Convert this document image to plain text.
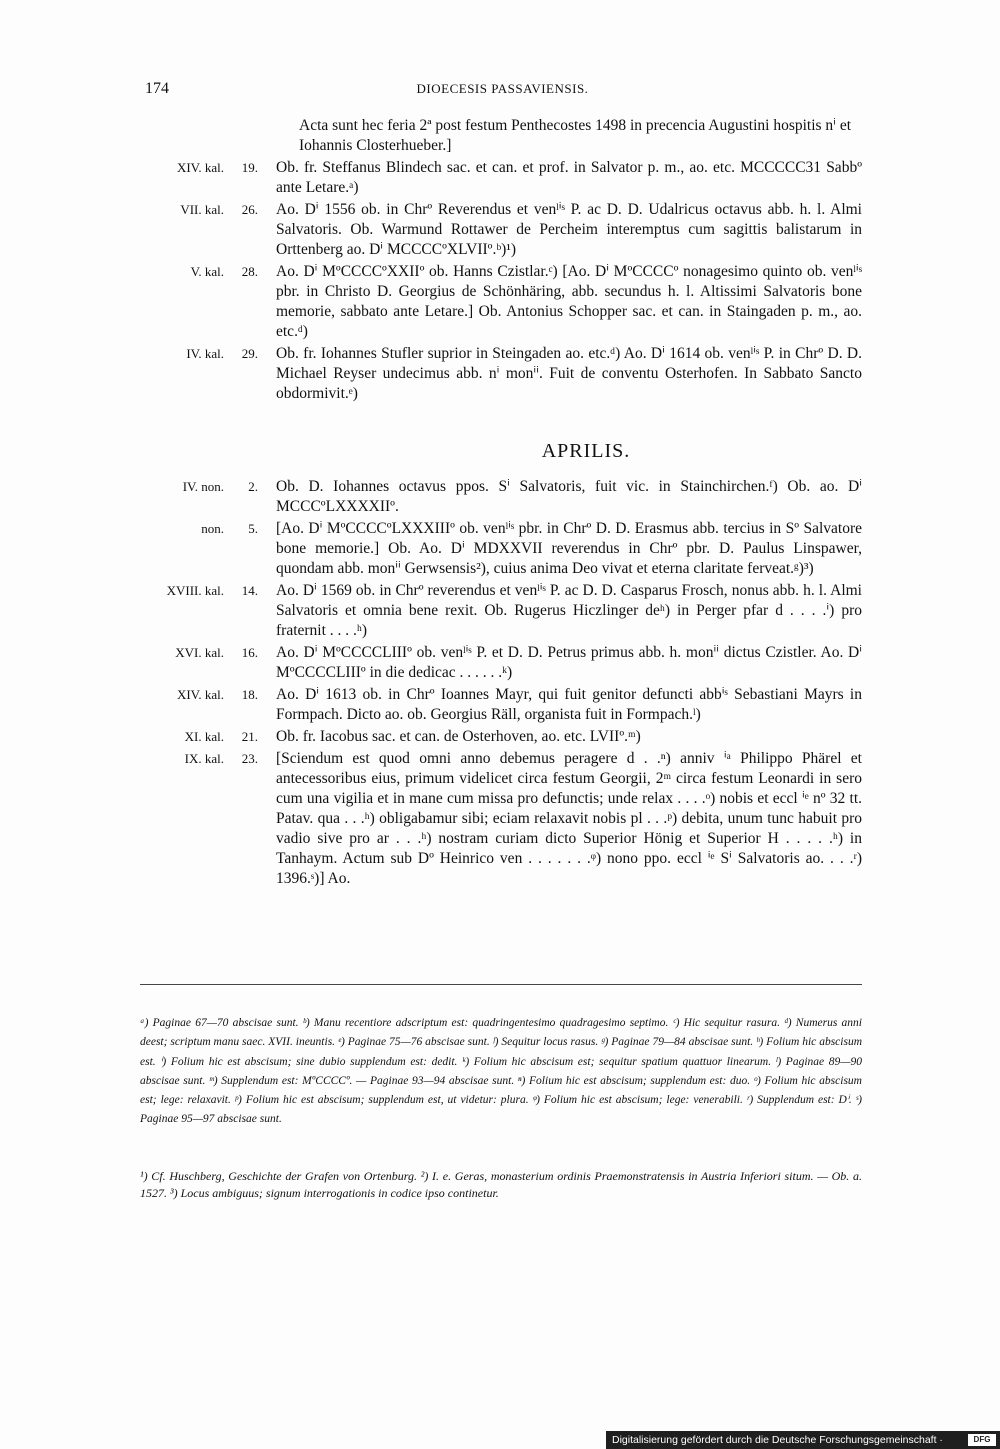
174	DIOECESIS PASSAVIENSIS.
Acta sunt hec feria 2ª post festum Penthecostes 1498 in precencia Augustini hospitis nⁱ et Iohannis Closterhueber.]
XIV. kal.	19. Ob. fr. Steffanus Blindech sac. et can. et prof. in Salvator p. m., ao. etc. MCCCCC31 Sabbº ante Letare.ᵃ)
VII. kal.	26. Ao. Dⁱ 1556 ob. in Chrº Reverendus et venˡⁱˢ P. ac D. D. Udalricus octavus abb. h. l. Almi Salvatoris. Ob. Warmund Rottawer de Percheim interemptus cum sagittis balistarum in Orttenberg ao. Dⁱ MCCCCºXLVIIº.ᵇ)¹)
V. kal.	28. Ao. Dⁱ MºCCCCºXXIIº ob. Hanns Czistlar.ᶜ) [Ao. Dⁱ MºCCCCº nonagesimo quinto ob. venˡⁱˢ pbr. in Christo D. Georgius de Schönhäring, abb. secundus h. l. Altissimi Salvatoris bone memorie, sabbato ante Letare.] Ob. Antonius Schopper sac. et can. in Staingaden p. m., ao. etc.ᵈ)
IV. kal.	29. Ob. fr. Iohannes Stufler suprior in Steingaden ao. etc.ᵈ) Ao. Dⁱ 1614 ob. venˡⁱˢ P. in Chrº D. D. Michael Reyser undecimus abb. nⁱ monⁱⁱ. Fuit de conventu Osterhofen. In Sabbato Sancto obdormivit.ᵉ)
APRILIS.
IV. non.	2. Ob. D. Iohannes octavus ppos. Sⁱ Salvatoris, fuit vic. in Stainchirchen.ᶠ) Ob. ao. Dⁱ MCCCºLXXXXIIº.
non.	5. [Ao. Dⁱ MºCCCCºLXXXIIIº ob. venˡⁱˢ pbr. in Chrº D. D. Erasmus abb. tercius in Sº Salvatore bone memorie.] Ob. Ao. Dⁱ MDXXVII reverendus in Chrº pbr. D. Paulus Linspawer, quondam abb. monⁱⁱ Gerwsensis²), cuius anima Deo vivat et eterna claritate ferveat.ᵍ)³)
XVIII. kal.	14. Ao. Dⁱ 1569 ob. in Chrº reverendus et venˡⁱˢ P. ac D. D. Casparus Frosch, nonus abb. h. l. Almi Salvatoris et omnia bene rexit. Ob. Rugerus Hiczlinger deʰ) in Perger pfar d . . . .ⁱ) pro fraternit . . . .ʰ)
XVI. kal.	16. Ao. Dⁱ MºCCCCLIIIº ob. venˡⁱˢ P. et D. D. Petrus primus abb. h. monⁱⁱ dictus Czistler. Ao. Dⁱ MºCCCCLIIIº in die dedicac . . . . . .ᵏ)
XIV. kal.	18. Ao. Dⁱ 1613 ob. in Chrº Ioannes Mayr, qui fuit genitor defuncti abbⁱˢ Sebastiani Mayrs in Formpach. Dicto ao. ob. Georgius Räll, organista fuit in Formpach.ˡ)
XI. kal.	21. Ob. fr. Iacobus sac. et can. de Osterhoven, ao. etc. LVIIº.ᵐ)
IX. kal.	23. [Sciendum est quod omni anno debemus peragere d . .ⁿ) anniv ⁱᵃ Philippo Phärel et antecessoribus eius, primum videlicet circa festum Georgii, 2ᵐ circa festum Leonardi in sero cum una vigilia et in mane cum missa pro defunctis; unde relax . . . .ᵒ) nobis et eccl ⁱᵉ nº 32 tt. Patav. qua . . .ʰ) obligabamur sibi; eciam relaxavit nobis pl . . .ᵖ) debita, unum tunc habuit pro vadio sive pro ar . . .ʰ) nostram curiam dicto Superior Hönig et Superior H . . . . .ʰ) in Tanhaym. Actum sub Dº Heinrico ven . . . . . . .ᵠ) nono ppo. eccl ⁱᵉ Sⁱ Salvatoris ao. . . .ʳ) 1396.ˢ)] Ao.
ᵃ) Paginae 67—70 abscisae sunt. ᵇ) Manu recentiore adscriptum est: quadringentesimo quadragesimo septimo. ᶜ) Hic sequitur rasura. ᵈ) Numerus anni deest; scriptum manu saec. XVII. ineuntis. ᵉ) Paginae 75—76 abscisae sunt. ᶠ) Sequitur locus rasus. ᵍ) Paginae 79—84 abscisae sunt. ʰ) Folium hic abscisum est. ⁱ) Folium hic est abscisum; sine dubio supplendum est: dedit. ᵏ) Folium hic abscisum est; sequitur spatium quattuor linearum. ˡ) Paginae 89—90 abscisae sunt. ᵐ) Supplendum est: MºCCCCº. — Paginae 93—94 abscisae sunt. ⁿ) Folium hic est abscisum; supplendum est: duo. ᵒ) Folium hic abscisum est; lege: relaxavit. ᵖ) Folium hic est abscisum; supplendum est, ut videtur: plura. ᵠ) Folium hic est abscisum; lege: venerabili. ʳ) Supplendum est: Dⁱ. ˢ) Paginae 95—97 abscisae sunt.
¹) Cf. Huschberg, Geschichte der Grafen von Ortenburg. ²) I. e. Geras, monasterium ordinis Praemonstratensis in Austria Inferiori situm. — Ob. a. 1527. ³) Locus ambiguus; signum interrogationis in codice ipso continetur.
Digitalisierung gefördert durch die Deutsche Forschungsgemeinschaft ·	DFG
